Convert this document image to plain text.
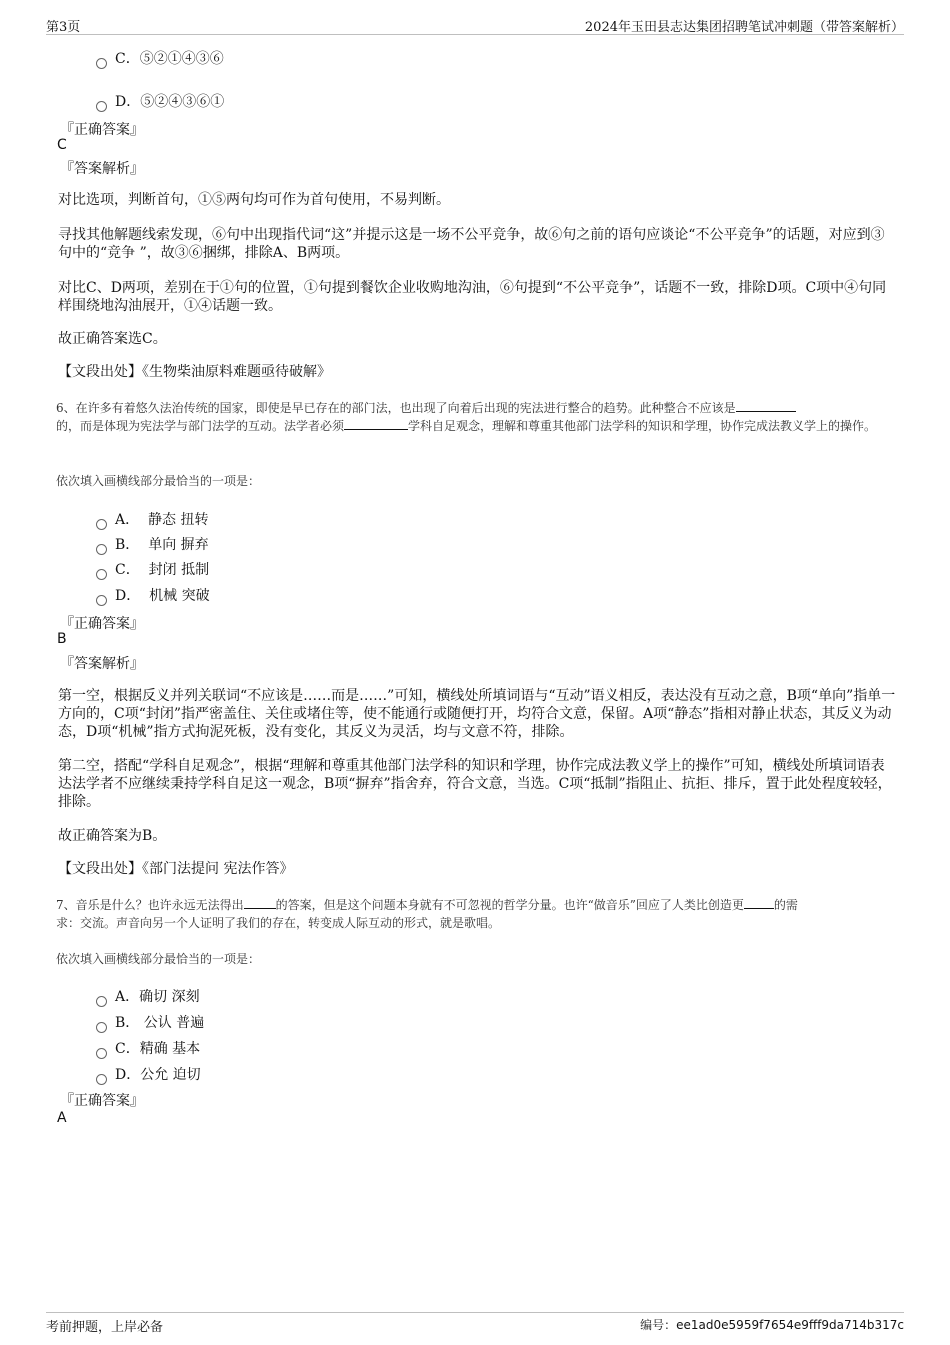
第3页	2024年玉田县志达集团招聘笔试冲刺题（带答案解析）
C．⑤②①④③⑥
D．⑤②④③⑥①
『正确答案』
C
『答案解析』
对比选项，判断首句，①⑤两句均可作为首句使用，不易判断。
寻找其他解题线索发现，⑥句中出现指代词“这”并提示这是一场不公平竞争，故⑥句之前的语句应谈论“不公平竞争”的话题，对应到③句中的“竞争 ”，故③⑥捆绑，排除A、B两项。
对比C、D两项，差别在于①句的位置，①句提到餐饮企业收购地沟油，⑥句提到“不公平竞争”，话题不一致，排除D项。C项中④句同样围绕地沟油展开，①④话题一致。
故正确答案选C。
【文段出处】《生物柴油原料难题亟待破解》
6、在许多有着悠久法治传统的国家，即使是早已存在的部门法，也出现了向着后出现的宪法进行整合的趋势。此种整合不应该是
的，而是体现为宪法学与部门法学的互动。法学者必须	学科自足观念，理解和尊重其他部门法学科的知识和学理，协作完成法教义学上的操作。
依次填入画横线部分最恰当的一项是：
A． 静态 扭转
B． 单向 摒弃
C． 封闭 抵制
D． 机械 突破
『正确答案』
B
『答案解析』
第一空，根据反义并列关联词“不应该是……而是……”可知，横线处所填词语与“互动”语义相反，表达没有互动之意，B项“单向”指单一方向的，C项“封闭”指严密盖住、关住或堵住等，使不能通行或随便打开，均符合文意，保留。A项“静态”指相对静止状态，其反义为动态，D项“机械”指方式拘泥死板，没有变化，其反义为灵活，均与文意不符，排除。
第二空，搭配“学科自足观念”，根据“理解和尊重其他部门法学科的知识和学理，协作完成法教义学上的操作”可知，横线处所填词语表达法学者不应继续秉持学科自足这一观念，B项“摒弃”指舍弃，符合文意，当选。C项“抵制”指阻止、抗拒、排斥，置于此处程度较轻，排除。
故正确答案为B。
【文段出处】《部门法提问 宪法作答》
7、音乐是什么？也许永远无法得出	的答案，但是这个问题本身就有不可忽视的哲学分量。也许“做音乐”回应了人类比创造更	的需
求：交流。声音向另一个人证明了我们的存在，转变成人际互动的形式，就是歌唱。
依次填入画横线部分最恰当的一项是：
A．确切 深刻
B． 公认 普遍
C．精确 基本
D．公允 迫切
『正确答案』
A
考前押题，上岸必备	编号：ee1ad0e5959f7654e9fff9da714b317c
